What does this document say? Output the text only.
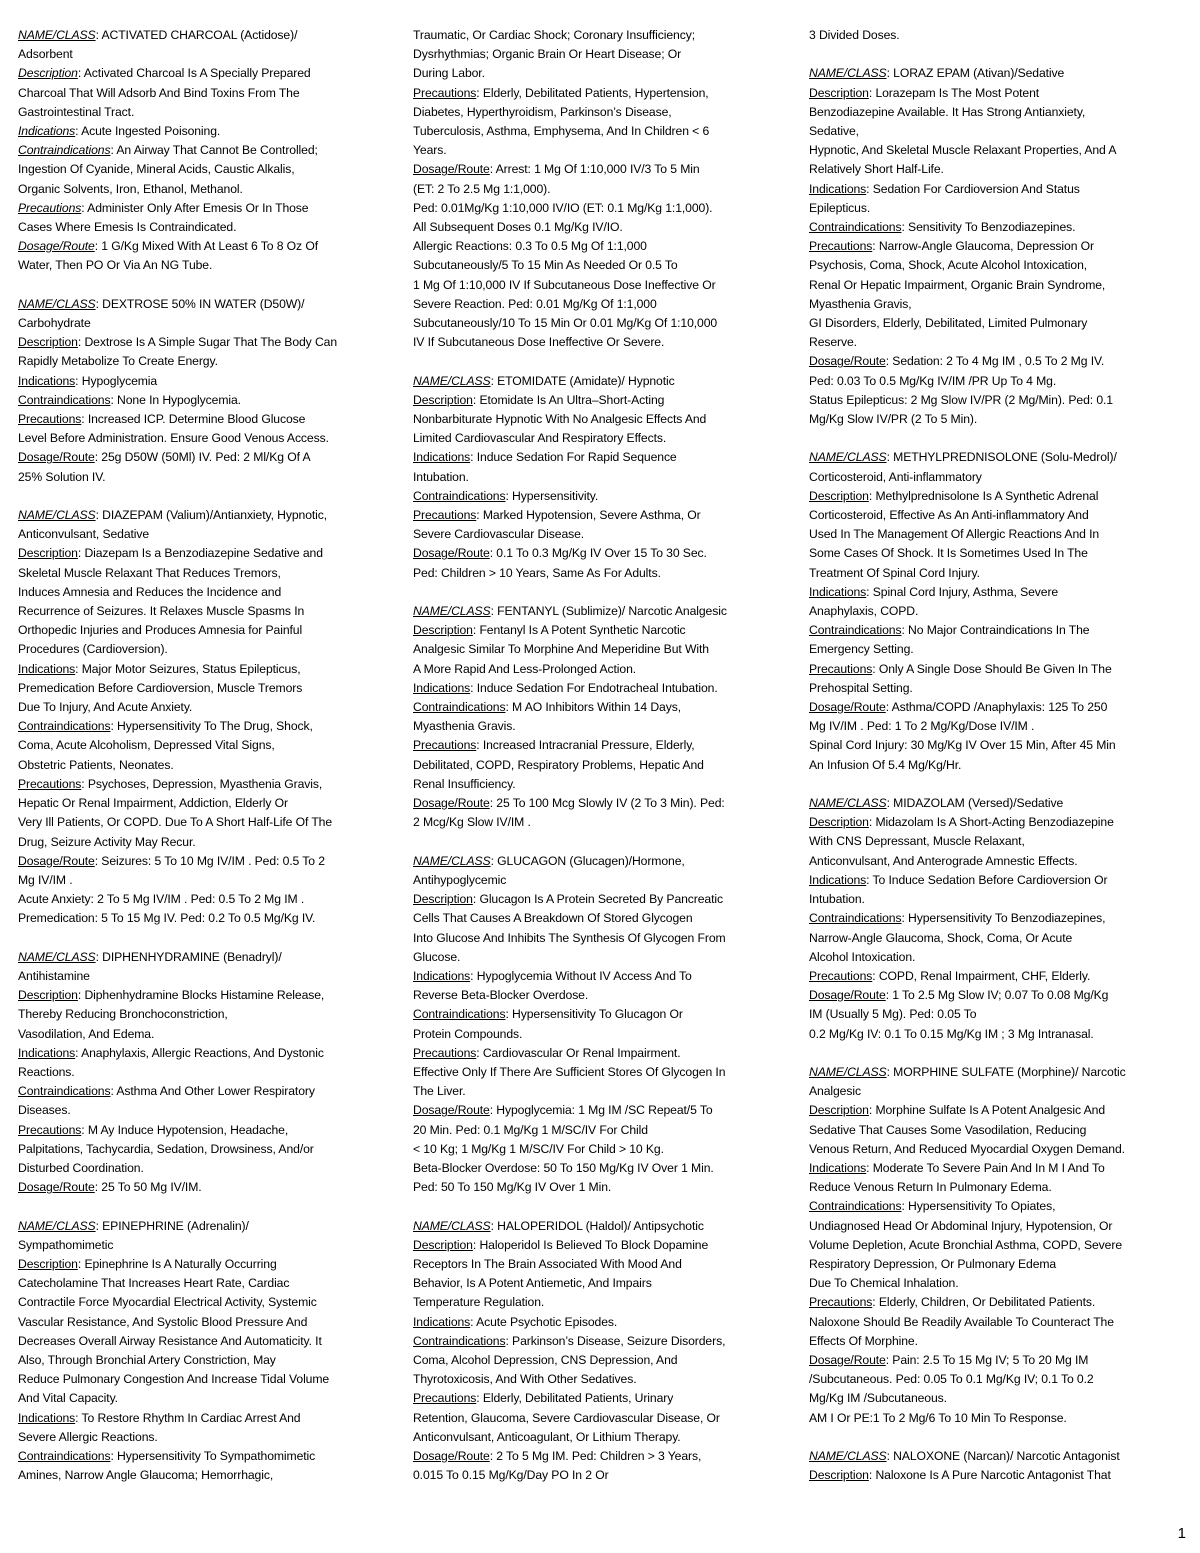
NAME/CLASS: ACTIVATED CHARCOAL (Actidose)/
Adsorbent
Description: Activated Charcoal Is A Specially Prepared
Charcoal That Will Adsorb And Bind Toxins From The
Gastrointestinal Tract.
Indications: Acute Ingested Poisoning.
Contraindications: An Airway That Cannot Be Controlled;
Ingestion Of Cyanide, Mineral Acids, Caustic Alkalis,
Organic Solvents, Iron, Ethanol, Methanol.
Precautions: Administer Only After Emesis Or In Those
Cases Where Emesis Is Contraindicated.
Dosage/Route: 1 G/Kg Mixed With At Least 6 To 8 Oz Of
Water, Then PO Or Via An NG Tube.
NAME/CLASS: DEXTROSE 50% IN WATER (D50W)/
Carbohydrate
Description: Dextrose Is A Simple Sugar That The Body Can
Rapidly Metabolize To Create Energy.
Indications: Hypoglycemia
Contraindications: None In Hypoglycemia.
Precautions: Increased ICP. Determine Blood Glucose
Level Before Administration. Ensure Good Venous Access.
Dosage/Route: 25g D50W (50Ml) IV. Ped: 2 Ml/Kg Of A
25% Solution IV.
NAME/CLASS: DIAZEPAM (Valium)/Antianxiety, Hypnotic,
Anticonvulsant, Sedative
Description: Diazepam Is a Benzodiazepine Sedative and
Skeletal Muscle Relaxant That Reduces Tremors,
Induces Amnesia and Reduces the Incidence and
Recurrence of Seizures. It Relaxes Muscle Spasms In
Orthopedic Injuries and Produces Amnesia for Painful
Procedures (Cardioversion).
Indications: Major Motor Seizures, Status Epilepticus,
Premedication Before Cardioversion, Muscle Tremors
Due To Injury, And Acute Anxiety.
Contraindications: Hypersensitivity To The Drug, Shock,
Coma, Acute Alcoholism, Depressed Vital Signs,
Obstetric Patients, Neonates.
Precautions: Psychoses, Depression, Myasthenia Gravis,
Hepatic Or Renal Impairment, Addiction, Elderly Or
Very Ill Patients, Or COPD. Due To A Short Half-Life Of The
Drug, Seizure Activity May Recur.
Dosage/Route: Seizures: 5 To 10 Mg IV/IM . Ped: 0.5 To 2
Mg IV/IM .
Acute Anxiety: 2 To 5 Mg IV/IM . Ped: 0.5 To 2 Mg IM .
Premedication: 5 To 15 Mg IV. Ped: 0.2 To 0.5 Mg/Kg IV.
NAME/CLASS: DIPHENHYDRAMINE (Benadryl)/
Antihistamine
Description: Diphenhydramine Blocks Histamine Release,
Thereby Reducing Bronchoconstriction,
Vasodilation, And Edema.
Indications: Anaphylaxis, Allergic Reactions, And Dystonic
Reactions.
Contraindications: Asthma And Other Lower Respiratory
Diseases.
Precautions: M Ay Induce Hypotension, Headache,
Palpitations, Tachycardia, Sedation, Drowsiness, And/or
Disturbed Coordination.
Dosage/Route: 25 To 50 Mg IV/IM.
NAME/CLASS: EPINEPHRINE (Adrenalin)/
Sympathomimetic
Description: Epinephrine Is A Naturally Occurring
Catecholamine That Increases Heart Rate, Cardiac
Contractile Force Myocardial Electrical Activity, Systemic
Vascular Resistance, And Systolic Blood Pressure And
Decreases Overall Airway Resistance And Automaticity. It
Also, Through Bronchial Artery Constriction, May
Reduce Pulmonary Congestion And Increase Tidal Volume
And Vital Capacity.
Indications: To Restore Rhythm In Cardiac Arrest And
Severe Allergic Reactions.
Contraindications: Hypersensitivity To Sympathomimetic
Amines, Narrow Angle Glaucoma; Hemorrhagic,
Traumatic, Or Cardiac Shock; Coronary Insufficiency;
Dysrhythmias; Organic Brain Or Heart Disease; Or
During Labor.
Precautions: Elderly, Debilitated Patients, Hypertension,
Diabetes, Hyperthyroidism, Parkinson’s Disease,
Tuberculosis, Asthma, Emphysema, And In Children < 6
Years.
Dosage/Route: Arrest: 1 Mg Of 1:10,000 IV/3 To 5 Min
(ET: 2 To 2.5 Mg 1:1,000).
Ped: 0.01Mg/Kg 1:10,000 IV/IO (ET: 0.1 Mg/Kg 1:1,000).
All Subsequent Doses 0.1 Mg/Kg IV/IO.
Allergic Reactions: 0.3 To 0.5 Mg Of 1:1,000
Subcutaneously/5 To 15 Min As Needed Or 0.5 To
1 Mg Of 1:10,000 IV If Subcutaneous Dose Ineffective Or
Severe Reaction. Ped: 0.01 Mg/Kg Of 1:1,000
Subcutaneously/10 To 15 Min Or 0.01 Mg/Kg Of 1:10,000
IV If Subcutaneous Dose Ineffective Or Severe.
NAME/CLASS: ETOMIDATE (Amidate)/ Hypnotic
Description: Etomidate Is An Ultra–Short-Acting
Nonbarbiturate Hypnotic With No Analgesic Effects And
Limited Cardiovascular And Respiratory Effects.
Indications: Induce Sedation For Rapid Sequence
Intubation.
Contraindications: Hypersensitivity.
Precautions: Marked Hypotension, Severe Asthma, Or
Severe Cardiovascular Disease.
Dosage/Route: 0.1 To 0.3 Mg/Kg IV Over 15 To 30 Sec.
Ped: Children > 10 Years, Same As For Adults.
NAME/CLASS: FENTANYL (Sublimize)/ Narcotic Analgesic
Description: Fentanyl Is A Potent Synthetic Narcotic
Analgesic Similar To Morphine And Meperidine But With
A More Rapid And Less-Prolonged Action.
Indications: Induce Sedation For Endotracheal Intubation.
Contraindications: M AO Inhibitors Within 14 Days,
Myasthenia Gravis.
Precautions: Increased Intracranial Pressure, Elderly,
Debilitated, COPD, Respiratory Problems, Hepatic And
Renal Insufficiency.
Dosage/Route: 25 To 100 Mcg Slowly IV (2 To 3 Min). Ped:
2 Mcg/Kg Slow IV/IM .
NAME/CLASS: GLUCAGON (Glucagen)/Hormone,
Antihypoglycemic
Description: Glucagon Is A Protein Secreted By Pancreatic
Cells That Causes A Breakdown Of Stored Glycogen
Into Glucose And Inhibits The Synthesis Of Glycogen From
Glucose.
Indications: Hypoglycemia Without IV Access And To
Reverse Beta-Blocker Overdose.
Contraindications: Hypersensitivity To Glucagon Or
Protein Compounds.
Precautions: Cardiovascular Or Renal Impairment.
Effective Only If There Are Sufficient Stores Of Glycogen In
The Liver.
Dosage/Route: Hypoglycemia: 1 Mg IM /SC Repeat/5 To
20 Min. Ped: 0.1 Mg/Kg 1 M/SC/IV For Child
< 10 Kg; 1 Mg/Kg 1 M/SC/IV For Child > 10 Kg.
Beta-Blocker Overdose: 50 To 150 Mg/Kg IV Over 1 Min.
Ped: 50 To 150 Mg/Kg IV Over 1 Min.
NAME/CLASS: HALOPERIDOL (Haldol)/ Antipsychotic
Description: Haloperidol Is Believed To Block Dopamine
Receptors In The Brain Associated With Mood And
Behavior, Is A Potent Antiemetic, And Impairs
Temperature Regulation.
Indications: Acute Psychotic Episodes.
Contraindications: Parkinson’s Disease, Seizure Disorders,
Coma, Alcohol Depression, CNS Depression, And
Thyrotoxicosis, And With Other Sedatives.
Precautions: Elderly, Debilitated Patients, Urinary
Retention, Glaucoma, Severe Cardiovascular Disease, Or
Anticonvulsant, Anticoagulant, Or Lithium Therapy.
Dosage/Route: 2 To 5 Mg IM. Ped: Children > 3 Years,
0.015 To 0.15 Mg/Kg/Day PO In 2 Or
3 Divided Doses.
NAME/CLASS: LORAZ EPAM (Ativan)/Sedative
Description: Lorazepam Is The Most Potent
Benzodiazepine Available. It Has Strong Antianxiety,
Sedative,
Hypnotic, And Skeletal Muscle Relaxant Properties, And A
Relatively Short Half-Life.
Indications: Sedation For Cardioversion And Status
Epilepticus.
Contraindications: Sensitivity To Benzodiazepines.
Precautions: Narrow-Angle Glaucoma, Depression Or
Psychosis, Coma, Shock, Acute Alcohol Intoxication,
Renal Or Hepatic Impairment, Organic Brain Syndrome,
Myasthenia Gravis,
GI Disorders, Elderly, Debilitated, Limited Pulmonary
Reserve.
Dosage/Route: Sedation: 2 To 4 Mg IM , 0.5 To 2 Mg IV.
Ped: 0.03 To 0.5 Mg/Kg IV/IM /PR Up To 4 Mg.
Status Epilepticus: 2 Mg Slow IV/PR (2 Mg/Min). Ped: 0.1
Mg/Kg Slow IV/PR (2 To 5 Min).
NAME/CLASS: METHYLPREDNISOLONE (Solu-Medrol)/
Corticosteroid, Anti-inflammatory
Description: Methylprednisolone Is A Synthetic Adrenal
Corticosteroid, Effective As An Anti-inflammatory And
Used In The Management Of Allergic Reactions And In
Some Cases Of Shock. It Is Sometimes Used In The
Treatment Of Spinal Cord Injury.
Indications: Spinal Cord Injury, Asthma, Severe
Anaphylaxis, COPD.
Contraindications: No Major Contraindications In The
Emergency Setting.
Precautions: Only A Single Dose Should Be Given In The
Prehospital Setting.
Dosage/Route: Asthma/COPD /Anaphylaxis: 125 To 250
Mg IV/IM . Ped: 1 To 2 Mg/Kg/Dose IV/IM .
Spinal Cord Injury: 30 Mg/Kg IV Over 15 Min, After 45 Min
An Infusion Of 5.4 Mg/Kg/Hr.
NAME/CLASS: MIDAZOLAM (Versed)/Sedative
Description: Midazolam Is A Short-Acting Benzodiazepine
With CNS Depressant, Muscle Relaxant,
Anticonvulsant, And Anterograde Amnestic Effects.
Indications: To Induce Sedation Before Cardioversion Or
Intubation.
Contraindications: Hypersensitivity To Benzodiazepines,
Narrow-Angle Glaucoma, Shock, Coma, Or Acute
Alcohol Intoxication.
Precautions: COPD, Renal Impairment, CHF, Elderly.
Dosage/Route: 1 To 2.5 Mg Slow IV; 0.07 To 0.08 Mg/Kg
IM (Usually 5 Mg). Ped: 0.05 To
0.2 Mg/Kg IV: 0.1 To 0.15 Mg/Kg IM ; 3 Mg Intranasal.
NAME/CLASS: MORPHINE SULFATE (Morphine)/ Narcotic
Analgesic
Description: Morphine Sulfate Is A Potent Analgesic And
Sedative That Causes Some Vasodilation, Reducing
Venous Return, And Reduced Myocardial Oxygen Demand.
Indications: Moderate To Severe Pain And In M I And To
Reduce Venous Return In Pulmonary Edema.
Contraindications: Hypersensitivity To Opiates,
Undiagnosed Head Or Abdominal Injury, Hypotension, Or
Volume Depletion, Acute Bronchial Asthma, COPD, Severe
Respiratory Depression, Or Pulmonary Edema
Due To Chemical Inhalation.
Precautions: Elderly, Children, Or Debilitated Patients.
Naloxone Should Be Readily Available To Counteract The
Effects Of Morphine.
Dosage/Route: Pain: 2.5 To 15 Mg IV; 5 To 20 Mg IM
/Subcutaneous. Ped: 0.05 To 0.1 Mg/Kg IV; 0.1 To 0.2
Mg/Kg IM /Subcutaneous.
AM I Or PE:1 To 2 Mg/6 To 10 Min To Response.
NAME/CLASS: NALOXONE (Narcan)/ Narcotic Antagonist
Description: Naloxone Is A Pure Narcotic Antagonist That
1
